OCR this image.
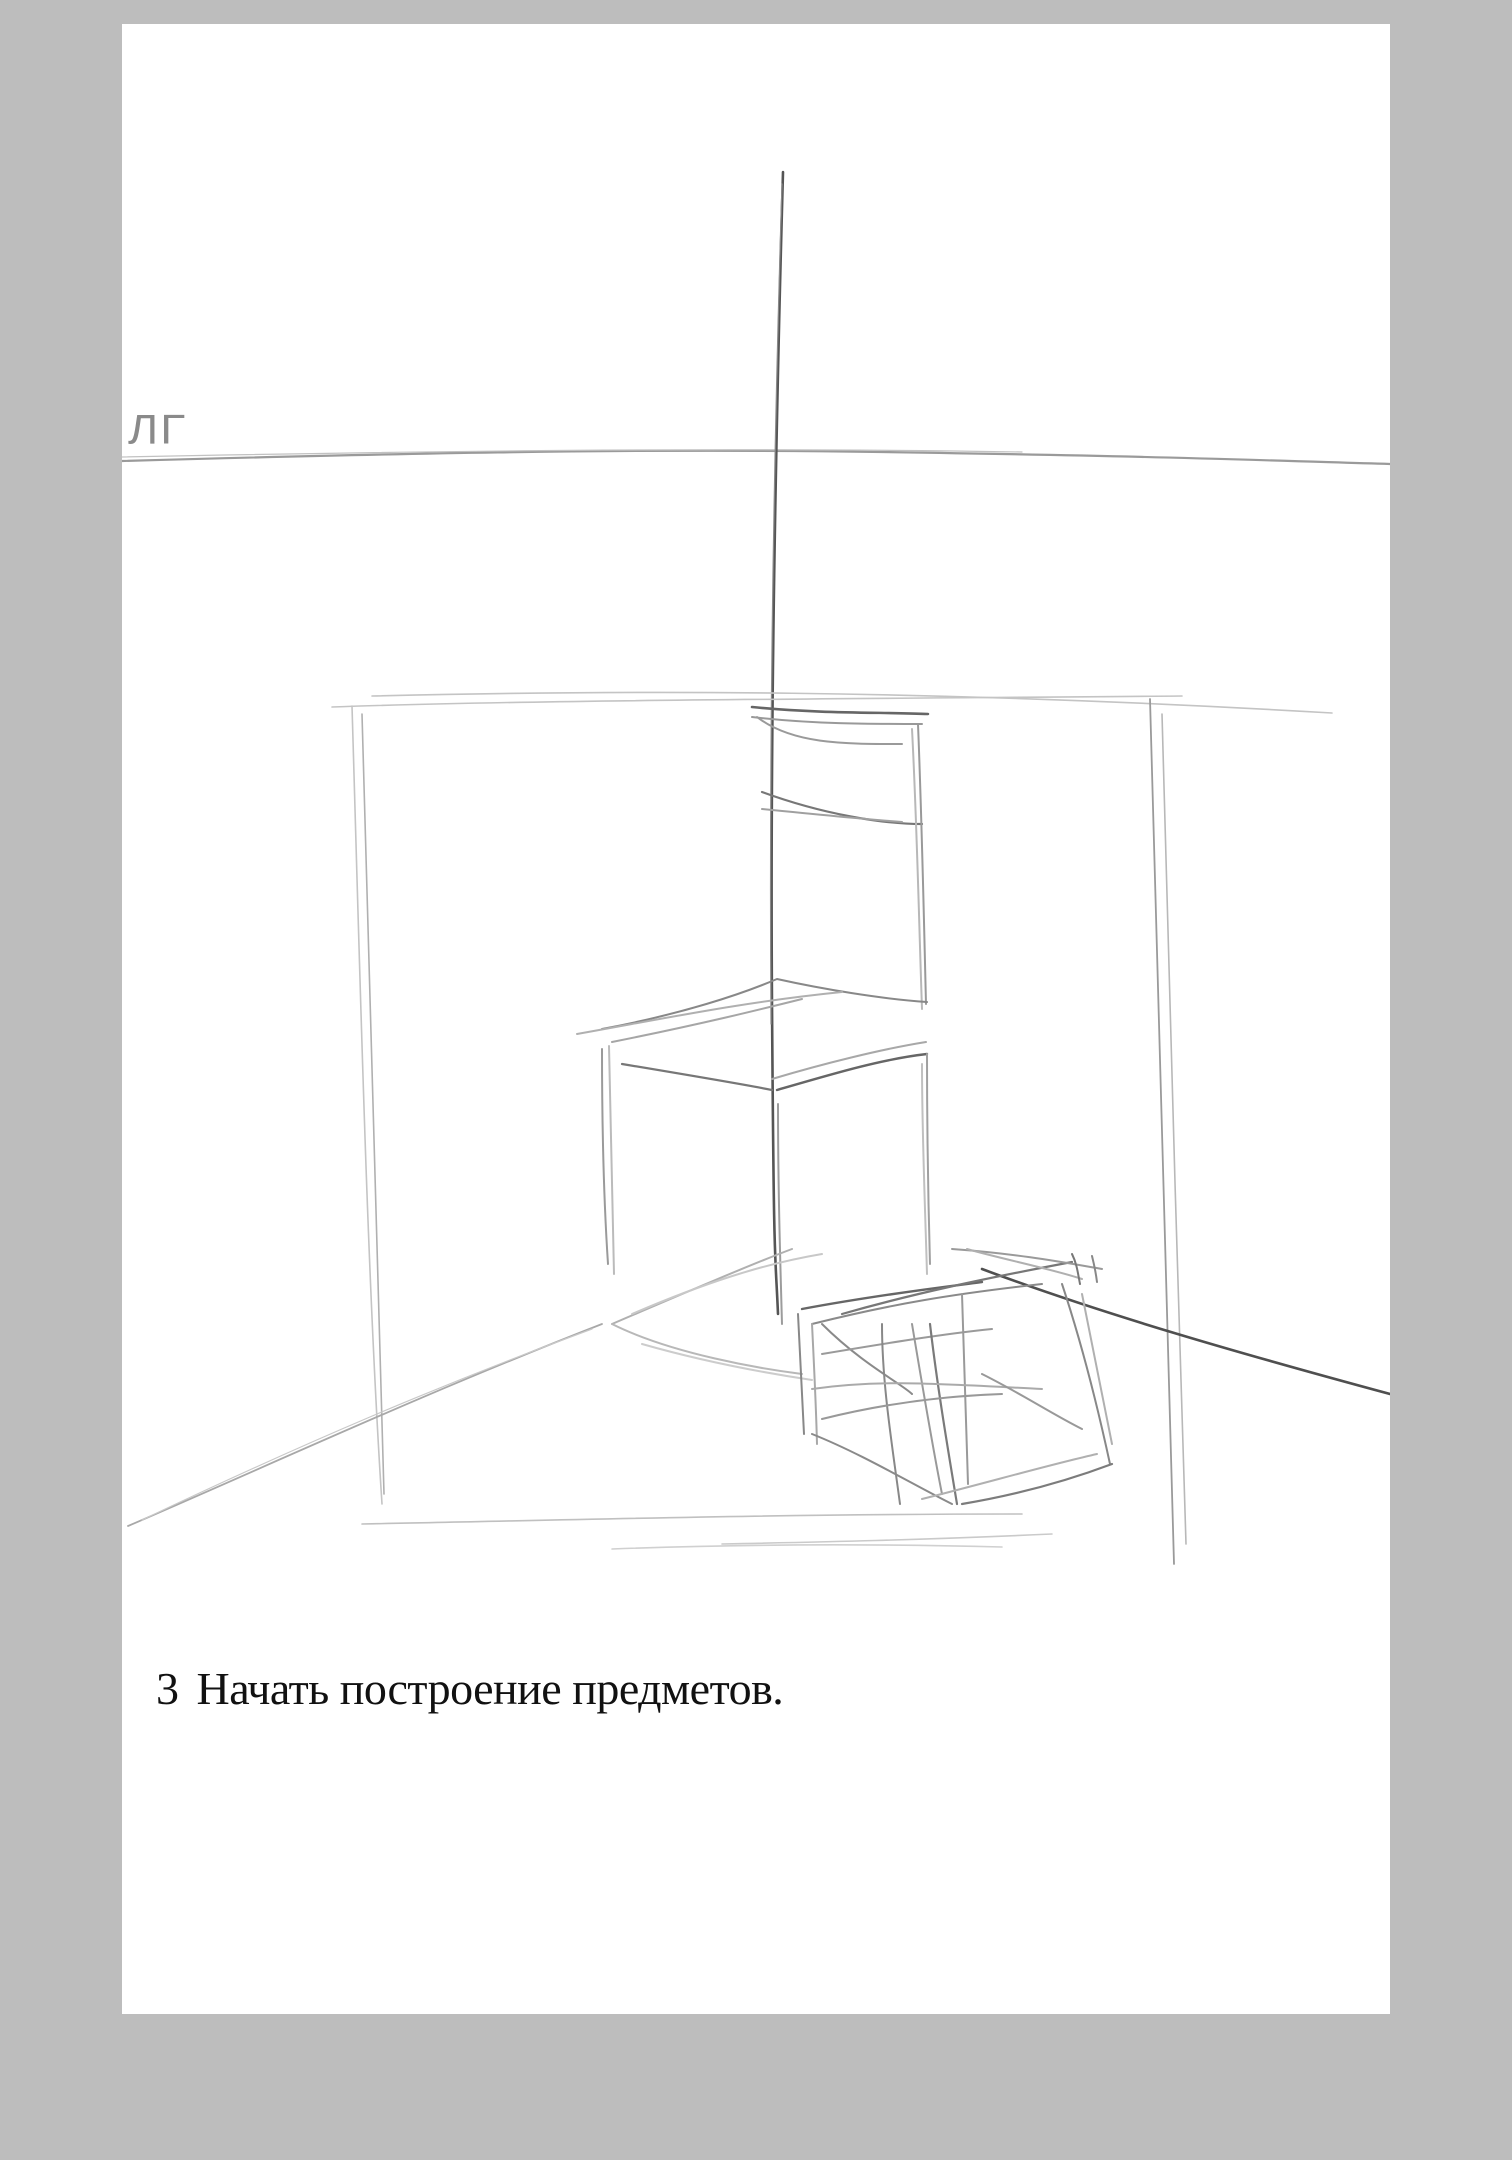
ЛГ
3 Начать построение предметов.
